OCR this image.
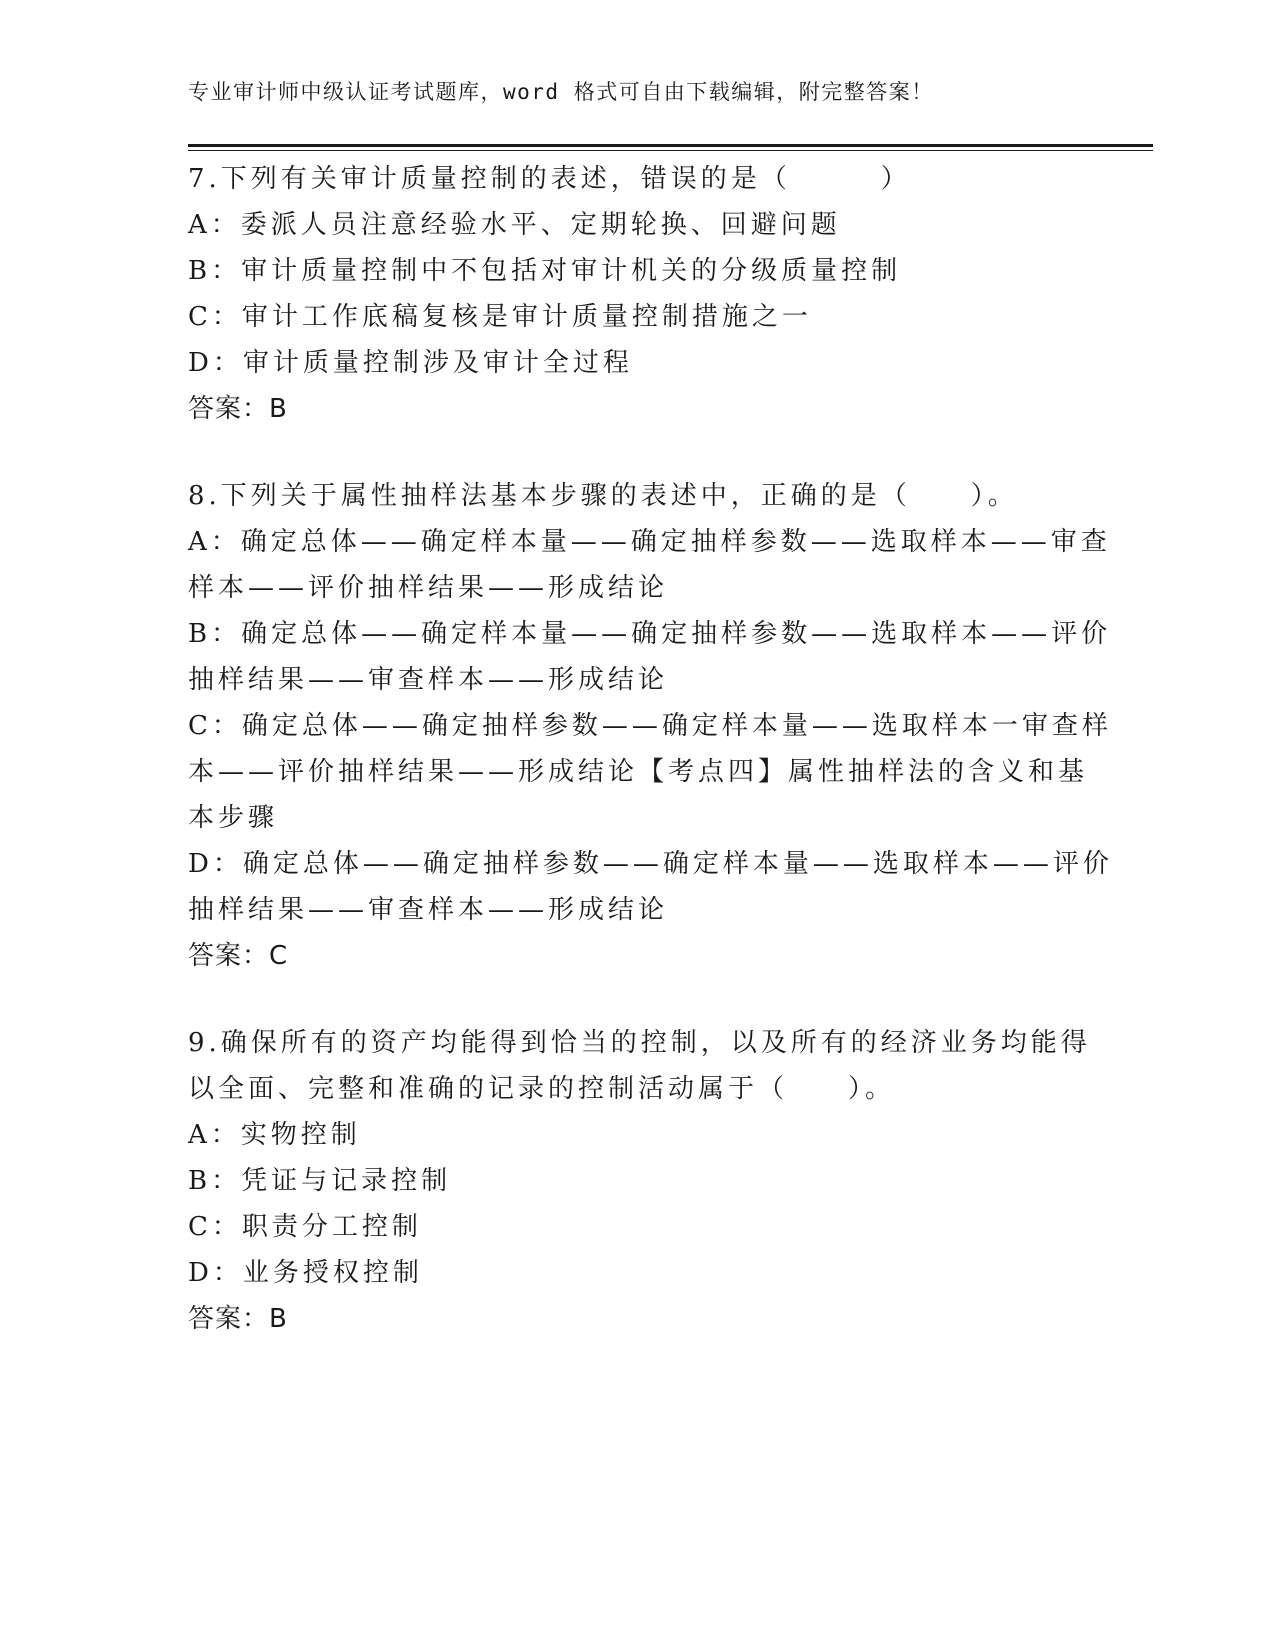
专业审计师中级认证考试题库，word 格式可自由下载编辑，附完整答案！
7.下列有关审计质量控制的表述，错误的是（　　　）
A：委派人员注意经验水平、定期轮换、回避问题
B：审计质量控制中不包括对审计机关的分级质量控制
C：审计工作底稿复核是审计质量控制措施之一
D：审计质量控制涉及审计全过程
答案：B
8.下列关于属性抽样法基本步骤的表述中，正确的是（　　）。
A：确定总体——确定样本量——确定抽样参数——选取样本——审查
样本——评价抽样结果——形成结论
B：确定总体——确定样本量——确定抽样参数——选取样本——评价
抽样结果——审查样本——形成结论
C：确定总体——确定抽样参数——确定样本量——选取样本一审查样
本——评价抽样结果——形成结论【考点四】属性抽样法的含义和基
本步骤
D：确定总体——确定抽样参数——确定样本量——选取样本——评价
抽样结果——审查样本——形成结论
答案：C
9.确保所有的资产均能得到恰当的控制，以及所有的经济业务均能得
以全面、完整和准确的记录的控制活动属于（　　）。
A：实物控制
B：凭证与记录控制
C：职责分工控制
D：业务授权控制
答案：B
